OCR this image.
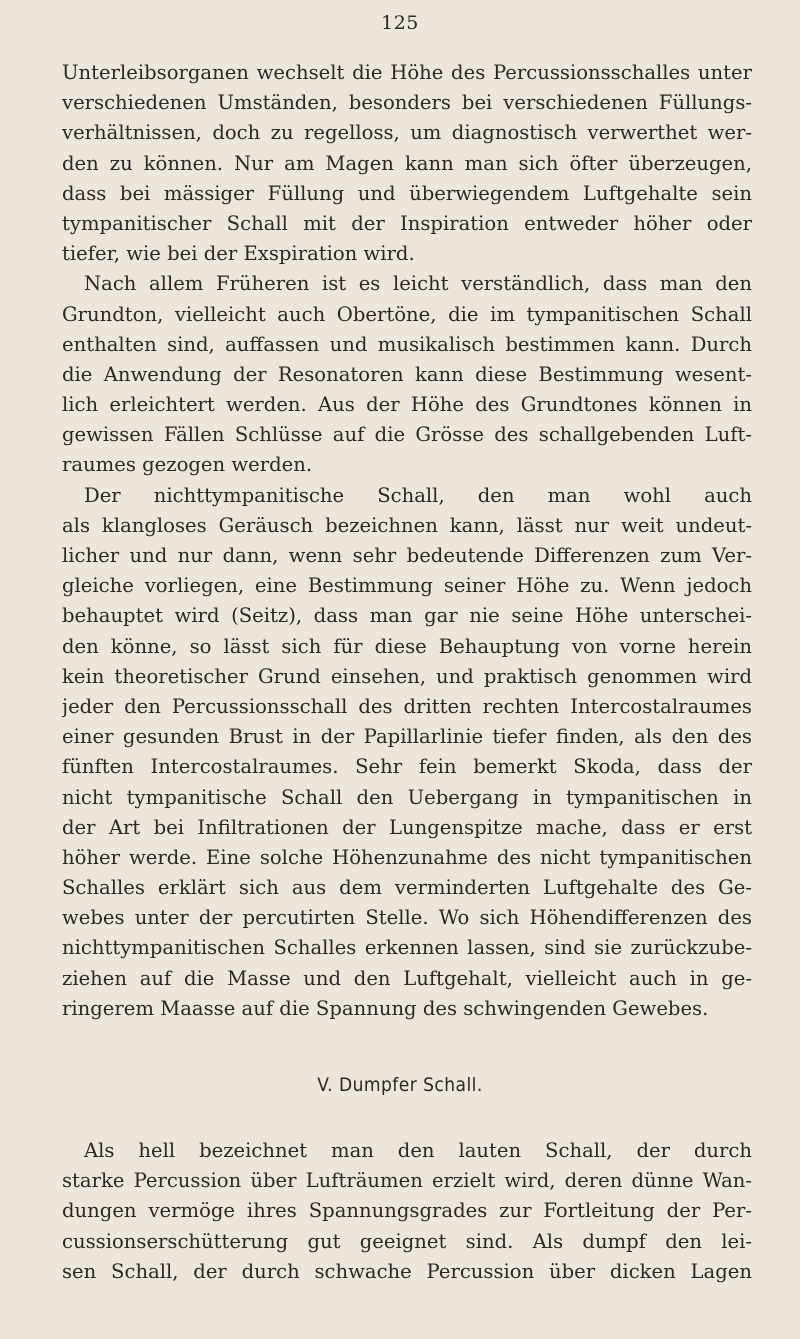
125
Unterleibsorganen wechselt die Höhe des Percussionsschalles unter
verschiedenen Umständen, besonders bei verschiedenen Füllungs-
verhältnissen, doch zu regelloss, um diagnostisch verwerthet wer-
den zu können. Nur am Magen kann man sich öfter überzeugen,
dass bei mässiger Füllung und überwiegendem Luftgehalte sein
tympanitischer Schall mit der Inspiration entweder höher oder
tiefer, wie bei der Exspiration wird.
Nach allem Früheren ist es leicht verständlich, dass man den
Grundton, vielleicht auch Obertöne, die im tympanitischen Schall
enthalten sind, auffassen und musikalisch bestimmen kann. Durch
die Anwendung der Resonatoren kann diese Bestimmung wesent-
lich erleichtert werden. Aus der Höhe des Grundtones können in
gewissen Fällen Schlüsse auf die Grösse des schallgebenden Luft-
raumes gezogen werden.
Der nichttympanitische Schall, den man wohl auch
als klangloses Geräusch bezeichnen kann, lässt nur weit undeut-
licher und nur dann, wenn sehr bedeutende Differenzen zum Ver-
gleiche vorliegen, eine Bestimmung seiner Höhe zu. Wenn jedoch
behauptet wird (Seitz), dass man gar nie seine Höhe unterschei-
den könne, so lässt sich für diese Behauptung von vorne herein
kein theoretischer Grund einsehen, und praktisch genommen wird
jeder den Percussionsschall des dritten rechten Intercostalraumes
einer gesunden Brust in der Papillarlinie tiefer finden, als den des
fünften Intercostalraumes. Sehr fein bemerkt Skoda, dass der
nicht tympanitische Schall den Uebergang in tympanitischen in
der Art bei Infiltrationen der Lungenspitze mache, dass er erst
höher werde. Eine solche Höhenzunahme des nicht tympanitischen
Schalles erklärt sich aus dem verminderten Luftgehalte des Ge-
webes unter der percutirten Stelle. Wo sich Höhendifferenzen des
nichttympanitischen Schalles erkennen lassen, sind sie zurückzube-
ziehen auf die Masse und den Luftgehalt, vielleicht auch in ge-
ringerem Maasse auf die Spannung des schwingenden Gewebes.
V. Dumpfer Schall.
Als hell bezeichnet man den lauten Schall, der durch
starke Percussion über Lufträumen erzielt wird, deren dünne Wan-
dungen vermöge ihres Spannungsgrades zur Fortleitung der Per-
cussionserschütterung gut geeignet sind. Als dumpf den lei-
sen Schall, der durch schwache Percussion über dicken Lagen
